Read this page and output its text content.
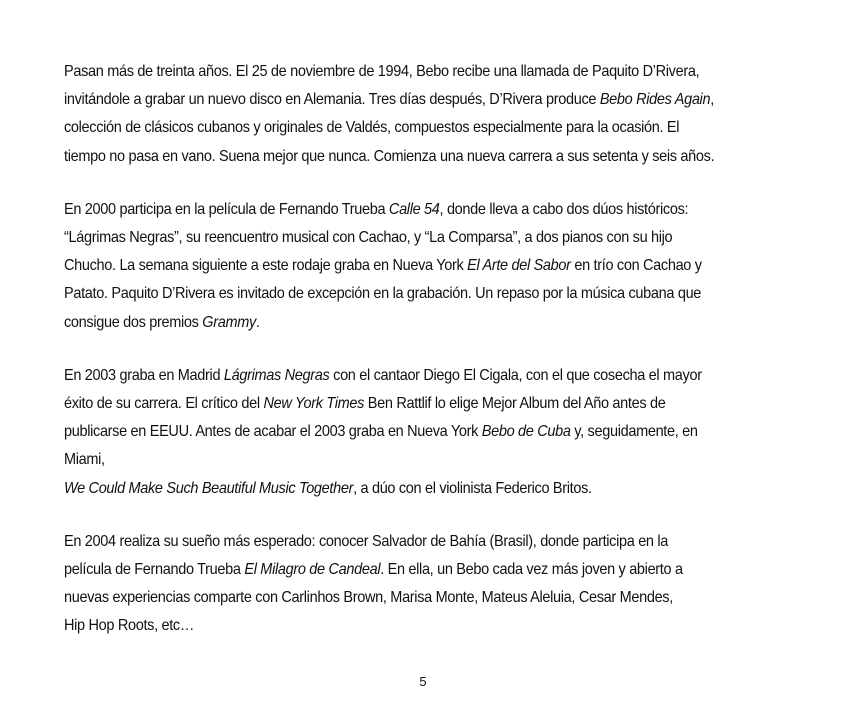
Pasan más de treinta años. El 25 de noviembre de 1994, Bebo recibe una llamada de Paquito D’Rivera,
invitándole a grabar un nuevo disco en Alemania. Tres días después, D’Rivera produce Bebo Rides Again,
colección de clásicos cubanos y originales de Valdés, compuestos especialmente para la ocasión. El
tiempo no pasa en vano. Suena mejor que nunca. Comienza una nueva carrera a sus setenta y seis años.

En 2000 participa en la película de Fernando Trueba Calle 54, donde lleva a cabo dos dúos históricos:
“Lágrimas Negras”, su reencuentro musical con Cachao, y “La Comparsa”, a dos pianos con su hijo
Chucho. La semana siguiente a este rodaje graba en Nueva York El Arte del Sabor en trío con Cachao y
Patato. Paquito D’Rivera es invitado de excepción en la grabación. Un repaso por la música cubana que
consigue dos premios Grammy.

En 2003 graba en Madrid Lágrimas Negras con el cantaor Diego El Cigala, con el que cosecha el mayor
éxito de su carrera. El crítico del New York Times Ben Rattlif lo elige Mejor Album del Año antes de
publicarse en EEUU. Antes de acabar el 2003 graba en Nueva York Bebo de Cuba y, seguidamente, en
Miami,
We Could Make Such Beautiful Music Together, a dúo con el violinista Federico Britos.

En 2004 realiza su sueño más esperado: conocer Salvador de Bahía (Brasil), donde participa en la
película de Fernando Trueba El Milagro de Candeal. En ella, un Bebo cada vez más joven y abierto a
nuevas experiencias comparte con Carlinhos Brown, Marisa Monte, Mateus Aleluia, Cesar Mendes,
Hip Hop Roots, etc…

5
